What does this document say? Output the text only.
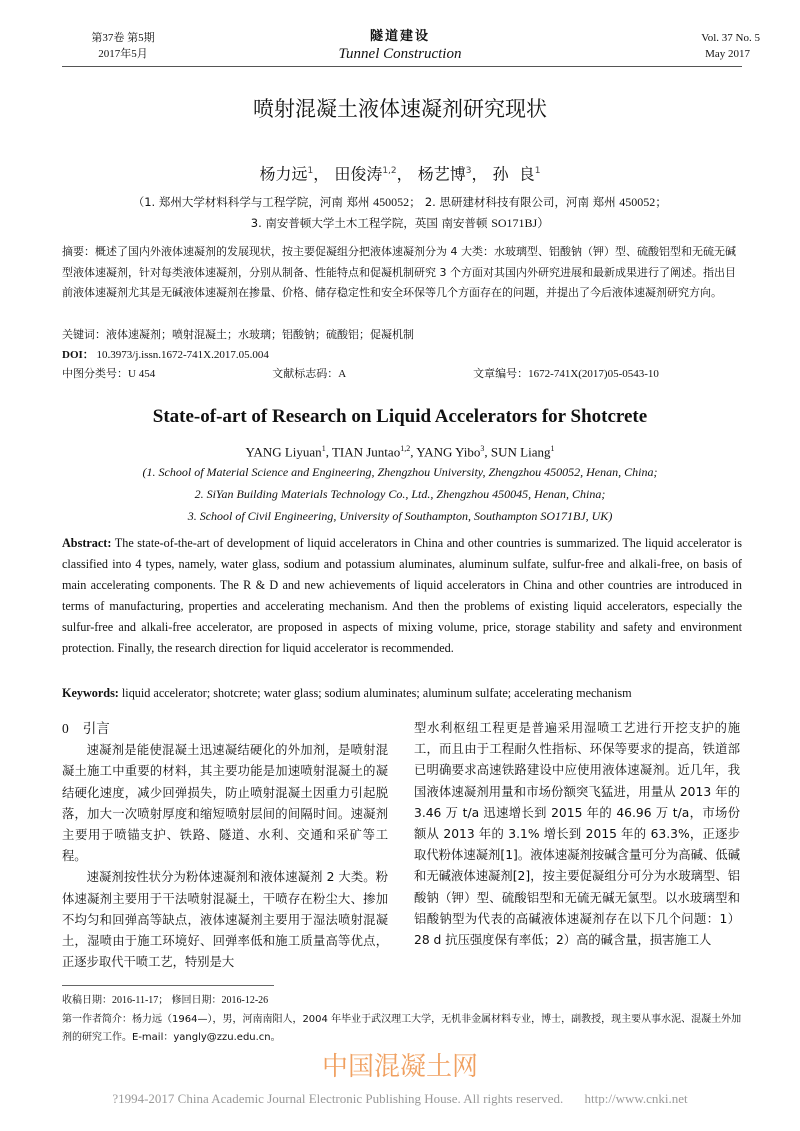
第37卷 第5期
2017年5月
隧道建设
Tunnel Construction
Vol. 37 No. 5
May 2017
喷射混凝土液体速凝剂研究现状
杨力远$^1$， 田俊涛$^{1,2}$， 杨艺博$^3$， 孙  良$^1$
（1. 郑州大学材料科学与工程学院，河南 郑州 450052； 2. 思研建材科技有限公司，河南 郑州 450052；
3. 南安普顿大学土木工程学院，英国 南安普顿 SO171BJ）
摘要：概述了国内外液体速凝剂的发展现状，按主要促凝组分把液体速凝剂分为 4 大类：水玻璃型、铝酸钠（钾）型、硫酸铝型和无硫无碱型液体速凝剂，针对每类液体速凝剂，分别从制备、性能特点和促凝机制研究 3 个方面对其国内外研究进展和最新成果进行了阐述。指出目前液体速凝剂尤其是无碱液体速凝剂在掺量、价格、储存稳定性和安全环保等几个方面存在的问题，并提出了今后液体速凝剂研究方向。
关键词：液体速凝剂；喷射混凝土；水玻璃；铝酸钠；硫酸铝；促凝机制
DOI： 10.3973/j.issn.1672-741X.2017.05.004
中图分类号：U 454	文献标志码：A	文章编号：1672-741X(2017)05-0543-10
State-of-art of Research on Liquid Accelerators for Shotcrete
YANG Liyuan$^1$, TIAN Juntao$^{1,2}$, YANG Yibo$^3$, SUN Liang$^1$
(1. School of Material Science and Engineering, Zhengzhou University, Zhengzhou 450052, Henan, China;
2. SiYan Building Materials Technology Co., Ltd., Zhengzhou 450045, Henan, China;
3. School of Civil Engineering, University of Southampton, Southampton SO171BJ, UK)
Abstract: The state-of-the-art of development of liquid accelerators in China and other countries is summarized. The liquid accelerator is classified into 4 types, namely, water glass, sodium and potassium aluminates, aluminum sulfate, sulfur-free and alkali-free, on basis of main accelerating components. The R & D and new achievements of liquid accelerators in China and other countries are introduced in terms of manufacturing, properties and accelerating mechanism. And then the problems of existing liquid accelerators, especially the sulfur-free and alkali-free accelerator, are proposed in aspects of mixing volume, price, storage stability and safety and environment protection. Finally, the research direction for liquid accelerator is recommended.
Keywords: liquid accelerator; shotcrete; water glass; sodium aluminates; aluminum sulfate; accelerating mechanism
0 引言
速凝剂是能使混凝土迅速凝结硬化的外加剂，是喷射混凝土施工中重要的材料，其主要功能是加速喷射混凝土的凝结硬化速度，减少回弹损失，防止喷射混凝土因重力引起脱落，加大一次喷射厚度和缩短喷射层间的间隔时间。速凝剂主要用于喷锚支护、铁路、隧道、水利、交通和采矿等工程。
速凝剂按性状分为粉体速凝剂和液体速凝剂 2 大类。粉体速凝剂主要用于干法喷射混凝土，干喷存在粉尘大、掺加不均匀和回弹高等缺点，液体速凝剂主要用于湿法喷射混凝土，湿喷由于施工环境好、回弹率低和施工质量高等优点，正逐步取代干喷工艺，特别是大
型水利枢纽工程更是普遍采用湿喷工艺进行开挖支护的施工，而且由于工程耐久性指标、环保等要求的提高，铁道部已明确要求高速铁路建设中应使用液体速凝剂。近几年，我国液体速凝剂用量和市场份额突飞猛进，用量从 2013 年的 3.46 万 t/a 迅速增长到 2015 年的 46.96 万 t/a，市场份额从 2013 年的 3.1% 增长到 2015 年的 63.3%，正逐步取代粉体速凝剂[1]。液体速凝剂按碱含量可分为高碱、低碱和无碱液体速凝剂[2]，按主要促凝组分可分为水玻璃型、铝酸钠（钾）型、硫酸铝型和无硫无碱无氯型。以水玻璃型和铝酸钠型为代表的高碱液体速凝剂存在以下几个问题：1）28 d 抗压强度保有率低；2）高的碱含量，损害施工人
收稿日期：2016-11-17； 修回日期：2016-12-26
第一作者简介：杨力远（1964—），男，河南南阳人，2004 年毕业于武汉理工大学，无机非金属材料专业，博士，副教授，现主要从事水泥、混凝土外加剂的研究工作。E-mail：yangly@zzu.edu.cn。
中国混凝土网
?1994-2017 China Academic Journal Electronic Publishing House. All rights reserved. http://www.cnki.net
